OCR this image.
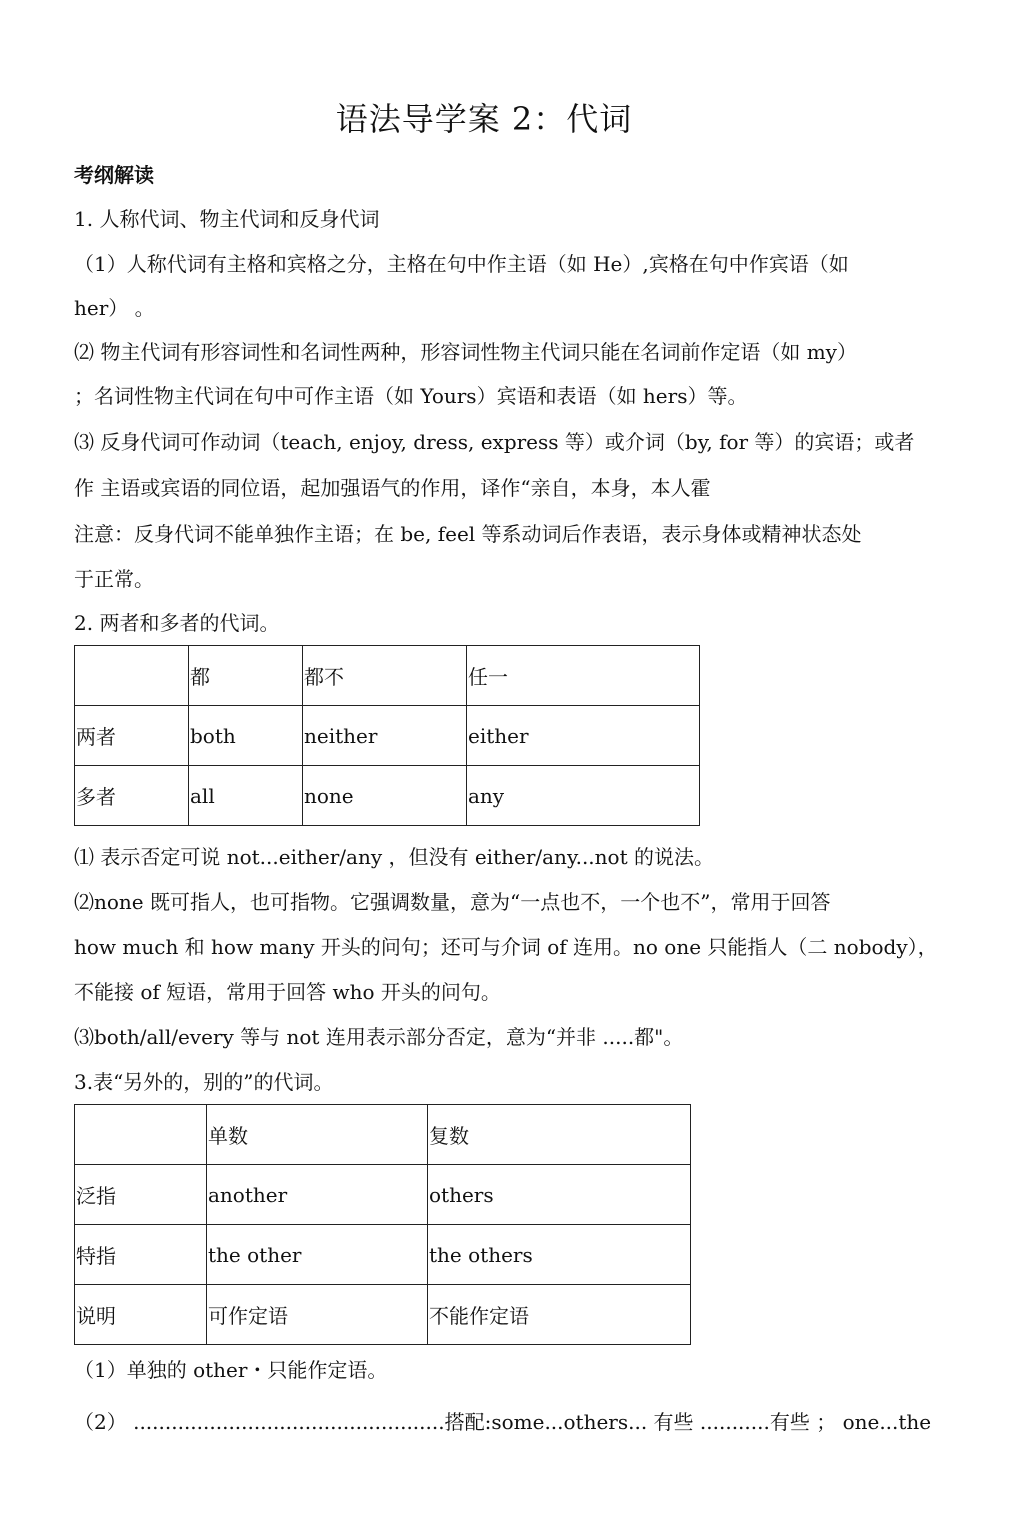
语法导学案 2：代词
考纲解读
1. 人称代词、物主代词和反身代词
（1）人称代词有主格和宾格之分，主格在句中作主语（如 He）,宾格在句中作宾语（如
her） 。
⑵ 物主代词有形容词性和名词性两种，形容词性物主代词只能在名词前作定语（如 my）
；名词性物主代词在句中可作主语（如 Yours）宾语和表语（如 hers）等。
⑶ 反身代词可作动词（teach, enjoy, dress, express 等）或介词（by, for 等）的宾语；或者
作 主语或宾语的同位语，起加强语气的作用，译作“亲自，本身，本人霍
注意：反身代词不能单独作主语；在 be, feel 等系动词后作表语，表示身体或精神状态处
于正常。
2. 两者和多者的代词。
	都	都不	任一
两者	both	neither	either
多者	all	none	any
⑴ 表示否定可说 not...either/any ，但没有 either/any...not 的说法。
⑵none 既可指人，也可指物。它强调数量，意为“一点也不，一个也不”，常用于回答
how much 和 how many 开头的问句；还可与介词 of 连用。no one 只能指人（二 nobody），
不能接 of 短语，常用于回答 who 开头的问句。
⑶both/all/every 等与 not 连用表示部分否定，意为“并非 .....都"。
3.表“另外的，别的”的代词。
	单数	复数
泛指	another	others
特指	the other	the others
说明	可作定语	不能作定语
（1）单独的 other・只能作定语。
（2） .................................................搭配:some...others... 有些 ...........有些 ； one...the
